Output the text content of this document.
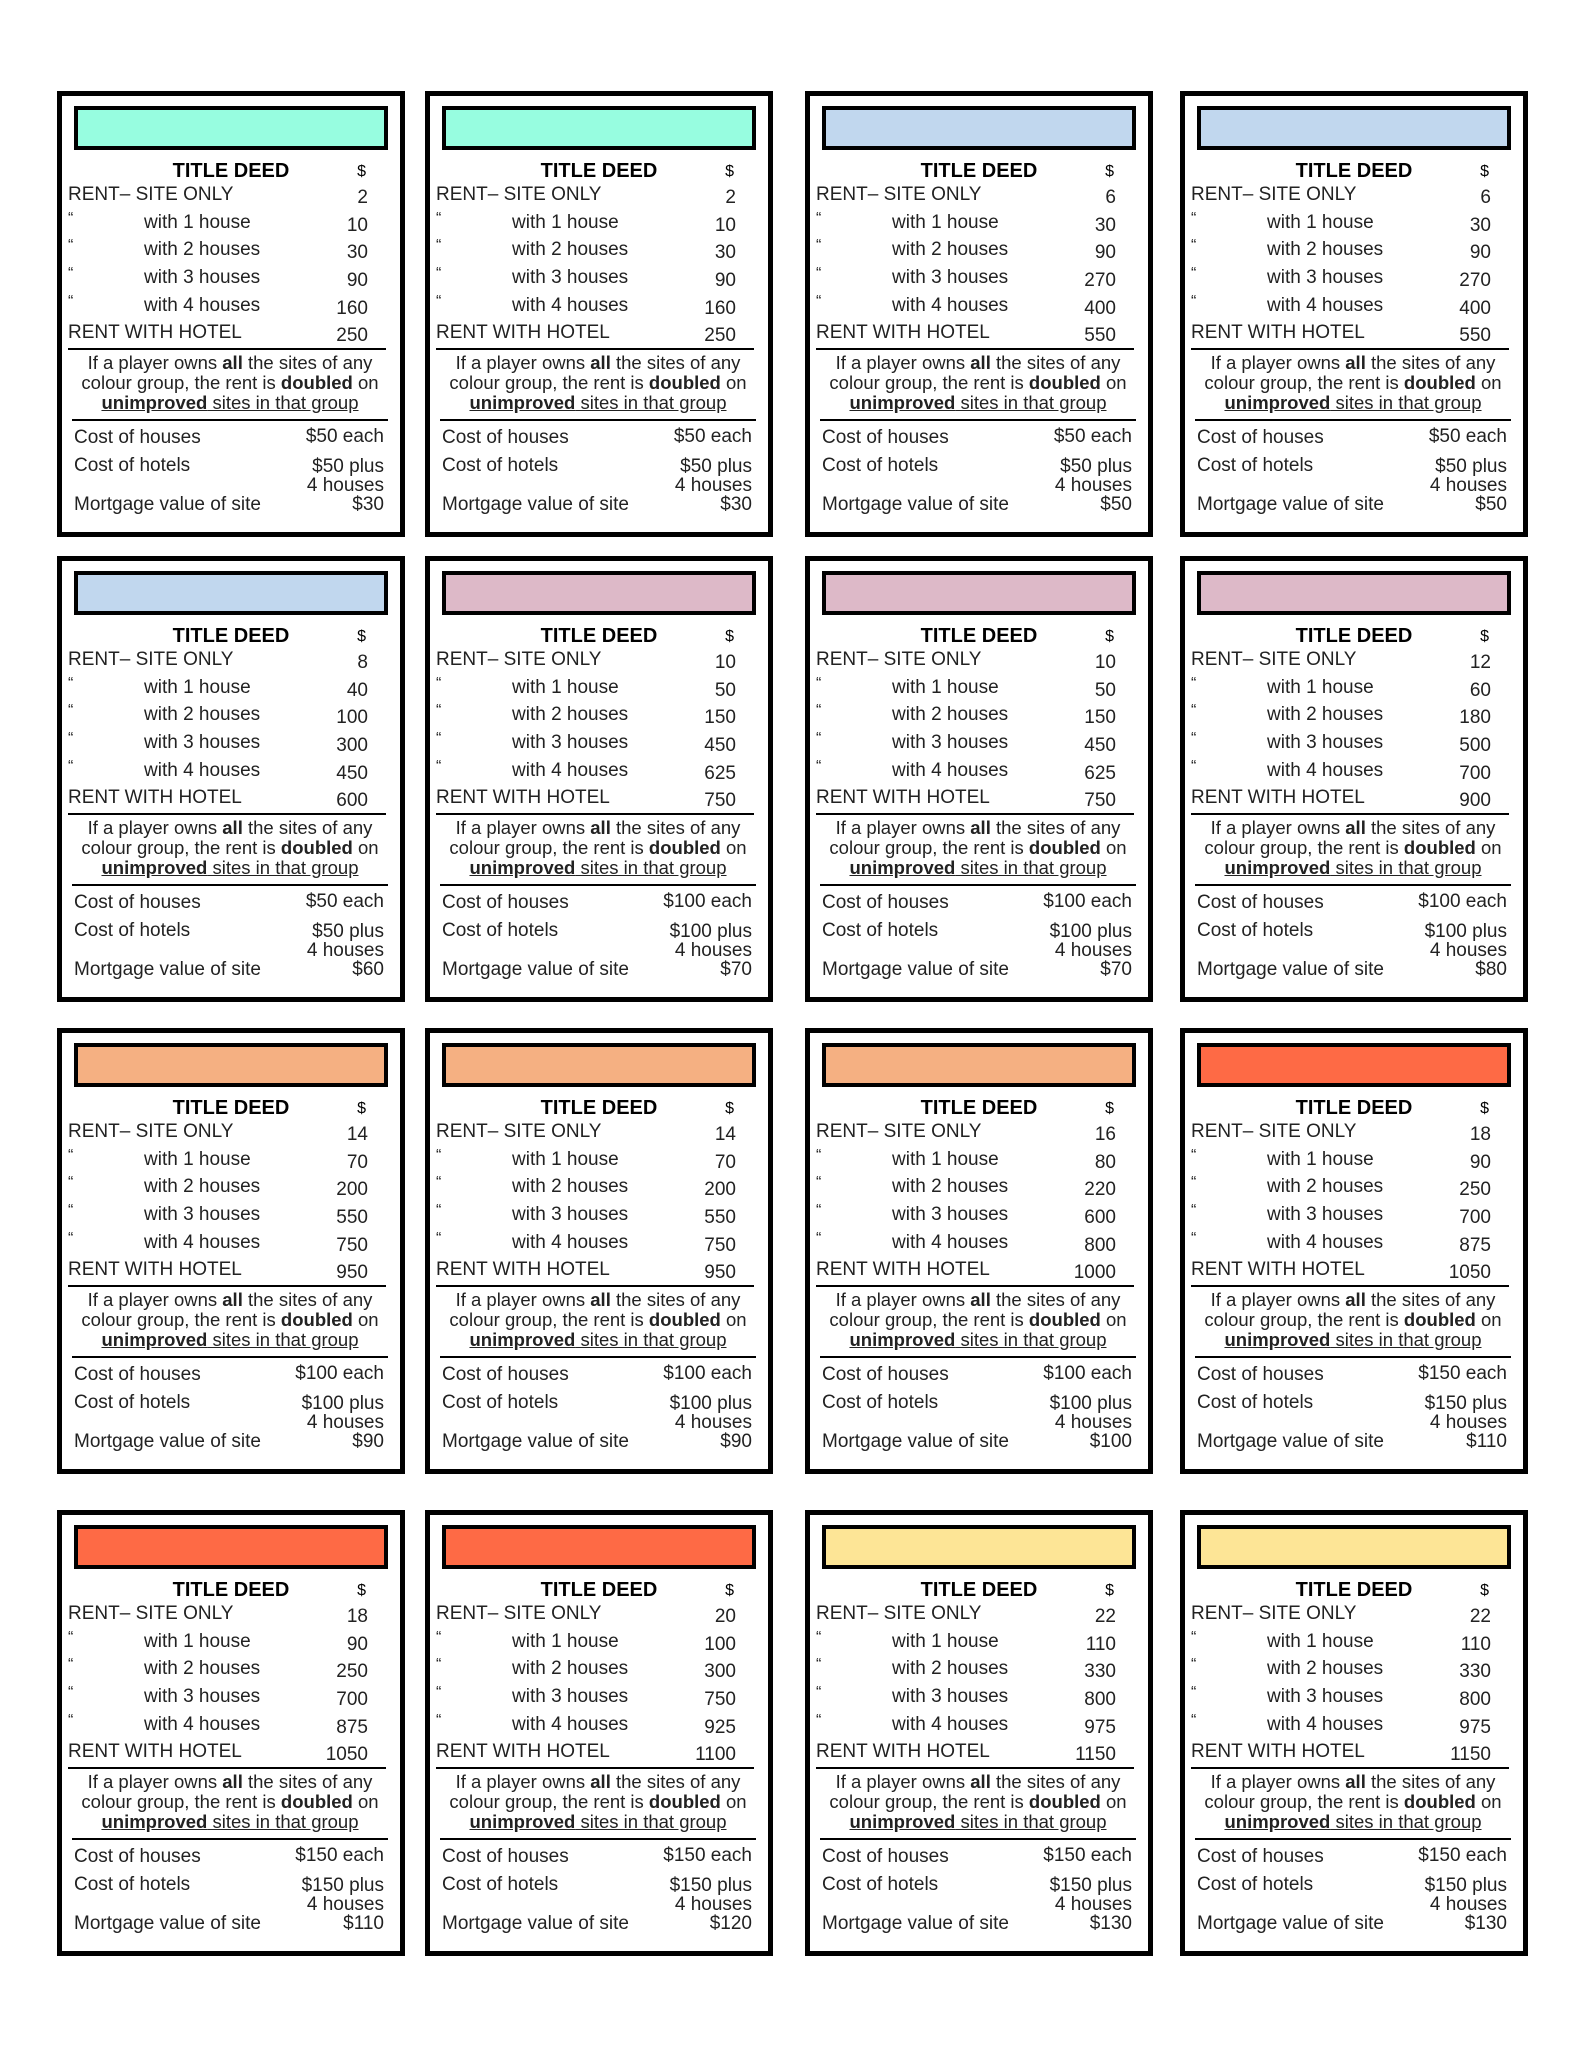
TITLE DEED	$
RENT– SITE ONLY	2
“	with 1 house	10
“	with 2 houses	30
“	with 3 houses	90
“	with 4 houses	160
RENT WITH HOTEL	250
If a player owns all the sites of any colour group, the rent is doubled on unimproved sites in that group
Cost of houses	$50 each
Cost of hotels	$50 plus
4 houses
Mortgage value of site	$30
TITLE DEED	$
RENT– SITE ONLY	2
“	with 1 house	10
“	with 2 houses	30
“	with 3 houses	90
“	with 4 houses	160
RENT WITH HOTEL	250
If a player owns all the sites of any colour group, the rent is doubled on unimproved sites in that group
Cost of houses	$50 each
Cost of hotels	$50 plus
4 houses
Mortgage value of site	$30
TITLE DEED	$
RENT– SITE ONLY	6
“	with 1 house	30
“	with 2 houses	90
“	with 3 houses	270
“	with 4 houses	400
RENT WITH HOTEL	550
If a player owns all the sites of any colour group, the rent is doubled on unimproved sites in that group
Cost of houses	$50 each
Cost of hotels	$50 plus
4 houses
Mortgage value of site	$50
TITLE DEED	$
RENT– SITE ONLY	6
“	with 1 house	30
“	with 2 houses	90
“	with 3 houses	270
“	with 4 houses	400
RENT WITH HOTEL	550
If a player owns all the sites of any colour group, the rent is doubled on unimproved sites in that group
Cost of houses	$50 each
Cost of hotels	$50 plus
4 houses
Mortgage value of site	$50
TITLE DEED	$
RENT– SITE ONLY	8
“	with 1 house	40
“	with 2 houses	100
“	with 3 houses	300
“	with 4 houses	450
RENT WITH HOTEL	600
If a player owns all the sites of any colour group, the rent is doubled on unimproved sites in that group
Cost of houses	$50 each
Cost of hotels	$50 plus
4 houses
Mortgage value of site	$60
TITLE DEED	$
RENT– SITE ONLY	10
“	with 1 house	50
“	with 2 houses	150
“	with 3 houses	450
“	with 4 houses	625
RENT WITH HOTEL	750
If a player owns all the sites of any colour group, the rent is doubled on unimproved sites in that group
Cost of houses	$100 each
Cost of hotels	$100 plus
4 houses
Mortgage value of site	$70
TITLE DEED	$
RENT– SITE ONLY	10
“	with 1 house	50
“	with 2 houses	150
“	with 3 houses	450
“	with 4 houses	625
RENT WITH HOTEL	750
If a player owns all the sites of any colour group, the rent is doubled on unimproved sites in that group
Cost of houses	$100 each
Cost of hotels	$100 plus
4 houses
Mortgage value of site	$70
TITLE DEED	$
RENT– SITE ONLY	12
“	with 1 house	60
“	with 2 houses	180
“	with 3 houses	500
“	with 4 houses	700
RENT WITH HOTEL	900
If a player owns all the sites of any colour group, the rent is doubled on unimproved sites in that group
Cost of houses	$100 each
Cost of hotels	$100 plus
4 houses
Mortgage value of site	$80
TITLE DEED	$
RENT– SITE ONLY	14
“	with 1 house	70
“	with 2 houses	200
“	with 3 houses	550
“	with 4 houses	750
RENT WITH HOTEL	950
If a player owns all the sites of any colour group, the rent is doubled on unimproved sites in that group
Cost of houses	$100 each
Cost of hotels	$100 plus
4 houses
Mortgage value of site	$90
TITLE DEED	$
RENT– SITE ONLY	14
“	with 1 house	70
“	with 2 houses	200
“	with 3 houses	550
“	with 4 houses	750
RENT WITH HOTEL	950
If a player owns all the sites of any colour group, the rent is doubled on unimproved sites in that group
Cost of houses	$100 each
Cost of hotels	$100 plus
4 houses
Mortgage value of site	$90
TITLE DEED	$
RENT– SITE ONLY	16
“	with 1 house	80
“	with 2 houses	220
“	with 3 houses	600
“	with 4 houses	800
RENT WITH HOTEL	1000
If a player owns all the sites of any colour group, the rent is doubled on unimproved sites in that group
Cost of houses	$100 each
Cost of hotels	$100 plus
4 houses
Mortgage value of site	$100
TITLE DEED	$
RENT– SITE ONLY	18
“	with 1 house	90
“	with 2 houses	250
“	with 3 houses	700
“	with 4 houses	875
RENT WITH HOTEL	1050
If a player owns all the sites of any colour group, the rent is doubled on unimproved sites in that group
Cost of houses	$150 each
Cost of hotels	$150 plus
4 houses
Mortgage value of site	$110
TITLE DEED	$
RENT– SITE ONLY	18
“	with 1 house	90
“	with 2 houses	250
“	with 3 houses	700
“	with 4 houses	875
RENT WITH HOTEL	1050
If a player owns all the sites of any colour group, the rent is doubled on unimproved sites in that group
Cost of houses	$150 each
Cost of hotels	$150 plus
4 houses
Mortgage value of site	$110
TITLE DEED	$
RENT– SITE ONLY	20
“	with 1 house	100
“	with 2 houses	300
“	with 3 houses	750
“	with 4 houses	925
RENT WITH HOTEL	1100
If a player owns all the sites of any colour group, the rent is doubled on unimproved sites in that group
Cost of houses	$150 each
Cost of hotels	$150 plus
4 houses
Mortgage value of site	$120
TITLE DEED	$
RENT– SITE ONLY	22
“	with 1 house	110
“	with 2 houses	330
“	with 3 houses	800
“	with 4 houses	975
RENT WITH HOTEL	1150
If a player owns all the sites of any colour group, the rent is doubled on unimproved sites in that group
Cost of houses	$150 each
Cost of hotels	$150 plus
4 houses
Mortgage value of site	$130
TITLE DEED	$
RENT– SITE ONLY	22
“	with 1 house	110
“	with 2 houses	330
“	with 3 houses	800
“	with 4 houses	975
RENT WITH HOTEL	1150
If a player owns all the sites of any colour group, the rent is doubled on unimproved sites in that group
Cost of houses	$150 each
Cost of hotels	$150 plus
4 houses
Mortgage value of site	$130
